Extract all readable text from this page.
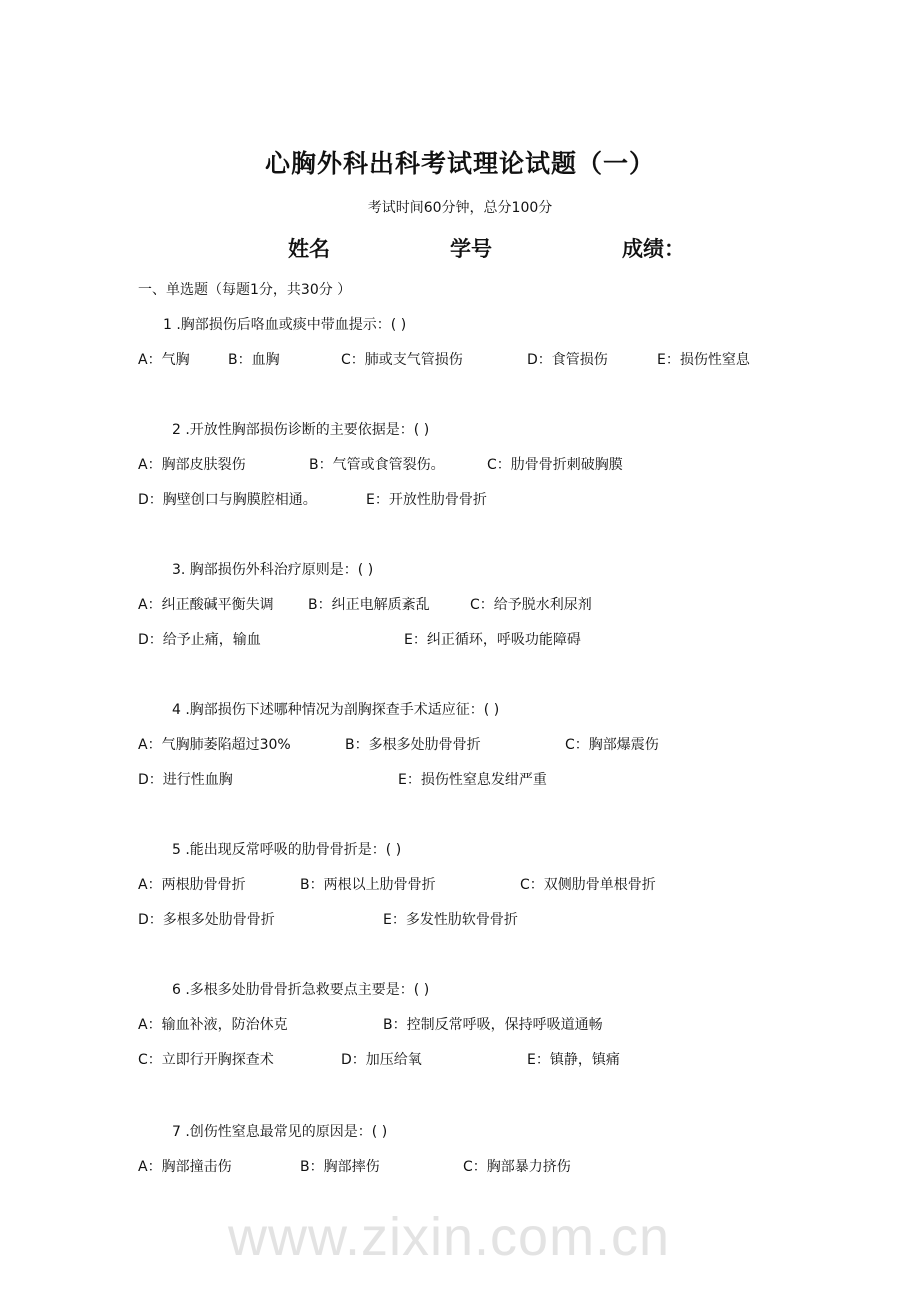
www.zixin.com.cn
心胸外科出科考试理论试题（一）
考试时间60分钟，总分100分
姓名	学号	成绩：
一、单选题（每题1分，共30分 ）
1 .胸部损伤后咯血或痰中带血提示：( )
A：气胸	B：血胸	C：肺或支气管损伤	D：食管损伤	E：损伤性窒息
2 .开放性胸部损伤诊断的主要依据是：( )
A：胸部皮肤裂伤	B：气管或食管裂伤。	C：肋骨骨折刺破胸膜
D：胸壁创口与胸膜腔相通。	E：开放性肋骨骨折
3. 胸部损伤外科治疗原则是：( )
A：纠正酸碱平衡失调 B：纠正电解质紊乱	C：给予脱水利尿剂
D：给予止痛，输血	E：纠正循环，呼吸功能障碍
4 .胸部损伤下述哪种情况为剖胸探查手术适应征：( )
A：气胸肺萎陷超过30%	B：多根多处肋骨骨折	C：胸部爆震伤
D：进行性血胸	E：损伤性窒息发绀严重
5 .能出现反常呼吸的肋骨骨折是：( )
A：两根肋骨骨折	B：两根以上肋骨骨折	C：双侧肋骨单根骨折
D：多根多处肋骨骨折	E：多发性肋软骨骨折
6 .多根多处肋骨骨折急救要点主要是：( )
A：输血补液，防治休克	B：控制反常呼吸，保持呼吸道通畅
C：立即行开胸探查术	D：加压给氧	E：镇静，镇痛
7 .创伤性窒息最常见的原因是：( )
A：胸部撞击伤	B：胸部摔伤	C：胸部暴力挤伤
